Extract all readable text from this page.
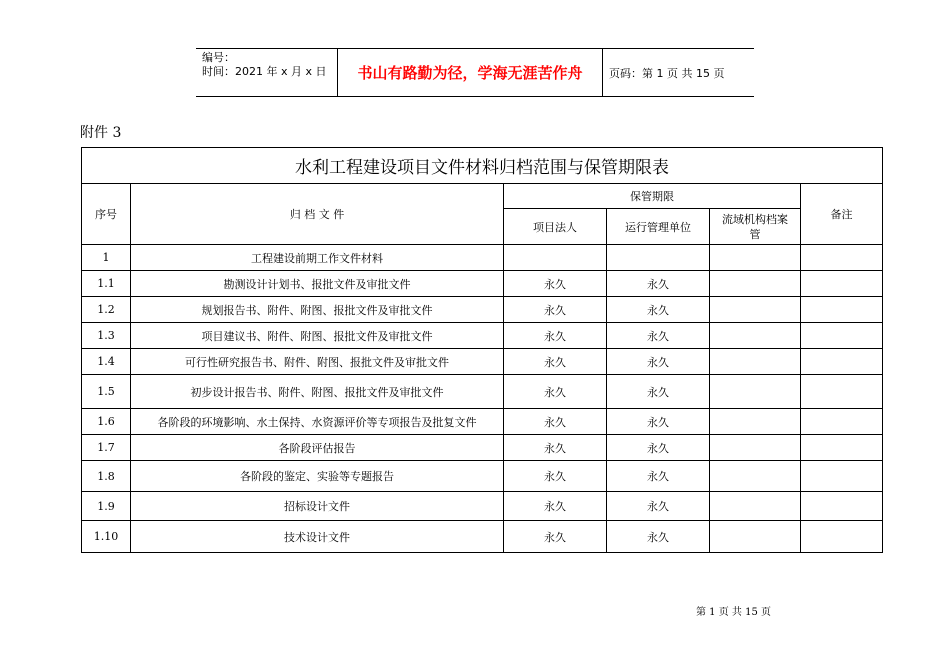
编号：
时间：2021 年 x 月 x 日	书山有路勤为径，学海无涯苦作舟	页码：第 1 页 共 15 页
附件 3
水利工程建设项目文件材料归档范围与保管期限表					
序号	归 档 文 件	保管期限			备注
		项目法人	运行管理单位	流域机构档案管	
1	工程建设前期工作文件材料				
1.1	勘测设计计划书、报批文件及审批文件	永久	永久		
1.2	规划报告书、附件、附图、报批文件及审批文件	永久	永久		
1.3	项目建议书、附件、附图、报批文件及审批文件	永久	永久		
1.4	可行性研究报告书、附件、附图、报批文件及审批文件	永久	永久		
1.5	初步设计报告书、附件、附图、报批文件及审批文件	永久	永久		
1.6	各阶段的环境影响、水土保持、水资源评价等专项报告及批复文件	永久	永久		
1.7	各阶段评估报告	永久	永久		
1.8	各阶段的鉴定、实验等专题报告	永久	永久		
1.9	招标设计文件	永久	永久		
1.10	技术设计文件	永久	永久		
第 1 页 共 15 页
